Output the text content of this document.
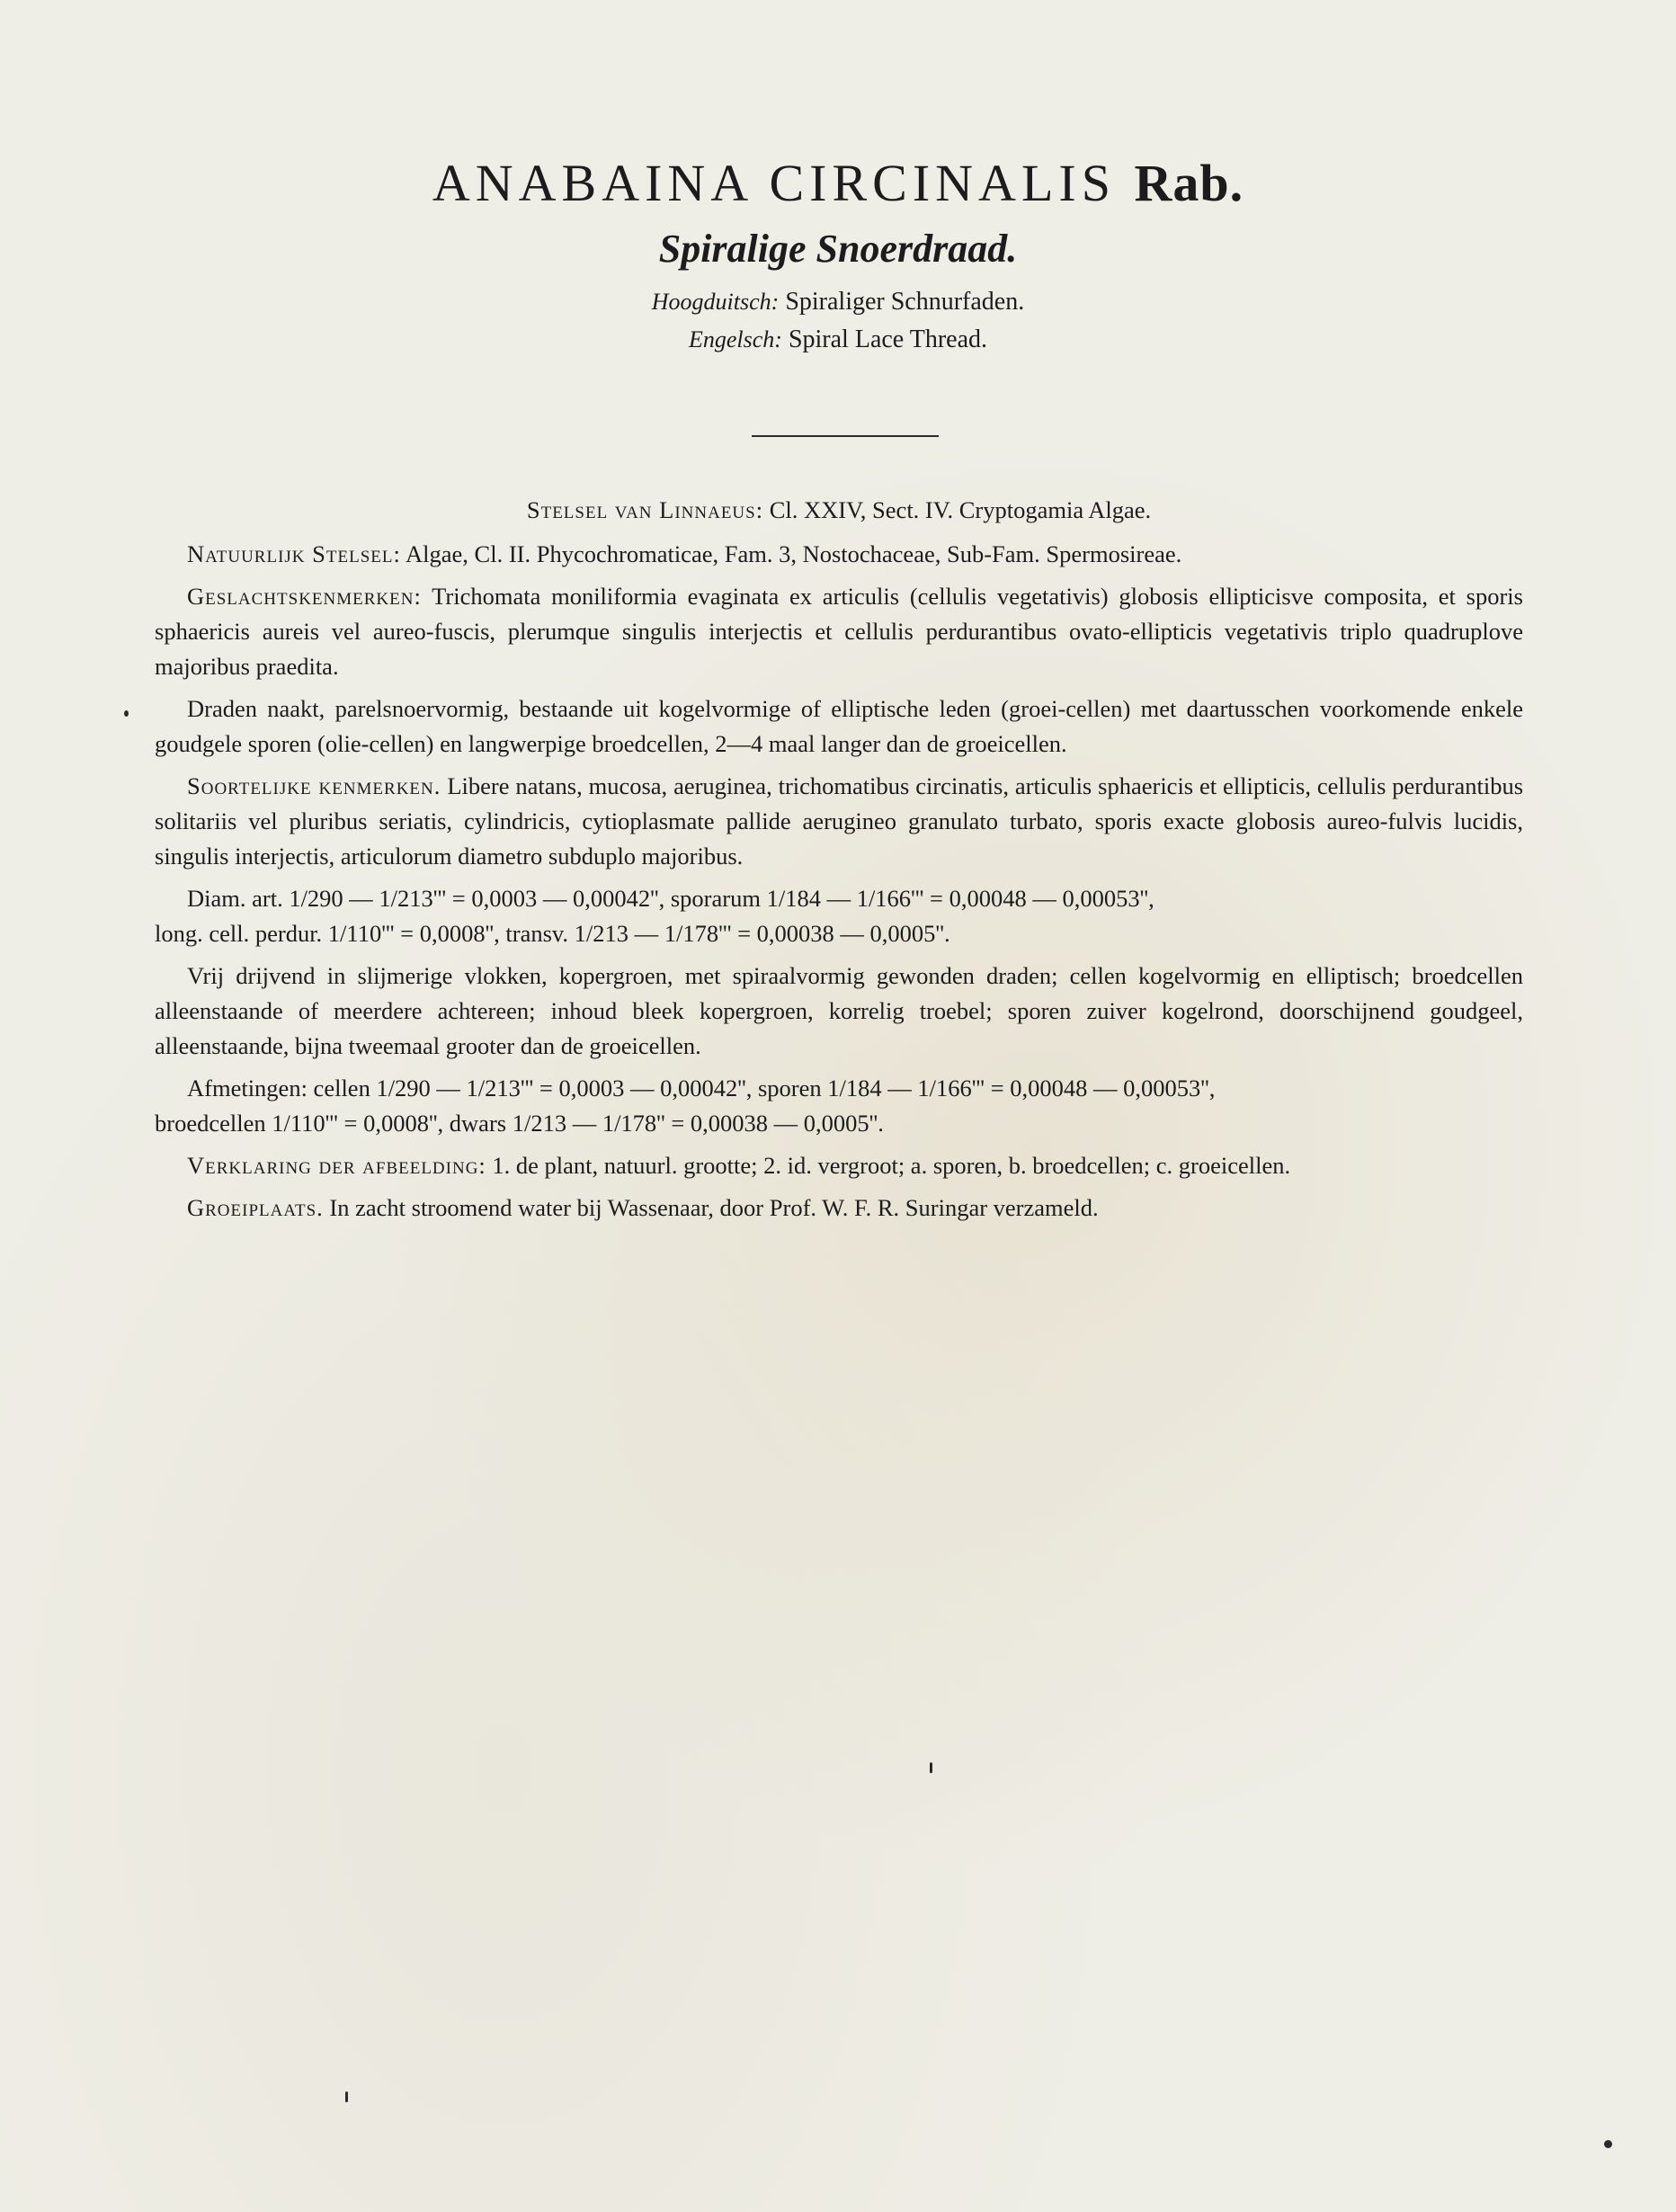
ANABAINA CIRCINALIS Rab.
Spiralige Snoerdraad.
Hoogduitsch: Spiraliger Schnurfaden.
Engelsch: Spiral Lace Thread.

Stelsel van Linnaeus: Cl. XXIV, Sect. IV. Cryptogamia Algae.

Natuurlijk Stelsel: Algae, Cl. II. Phycochromaticae, Fam. 3, Nostochaceae, Sub-Fam. Spermosireae.

Geslachtskenmerken: Trichomata moniliformia evaginata ex articulis (cellulis vegetativis) globosis ellipticisve composita, et sporis sphaericis aureis vel aureo-fuscis, plerumque singulis interjectis et cellulis perdurantibus ovato-ellipticis vegetativis triplo quadruplove majoribus praedita.

Draden naakt, parelsnoervormig, bestaande uit kogelvormige of elliptische leden (groei-cellen) met daartusschen voorkomende enkele goudgele sporen (olie-cellen) en langwerpige broedcellen, 2—4 maal langer dan de groeicellen.

Soortelijke kenmerken. Libere natans, mucosa, aeruginea, trichomatibus circinatis, articulis sphaericis et ellipticis, cellulis perdurantibus solitariis vel pluribus seriatis, cylindricis, cytioplasmate pallide aerugineo granulato turbato, sporis exacte globosis aureo-fulvis lucidis, singulis interjectis, articulorum diametro subduplo majoribus.

Diam. art. 1/290 — 1/213''' = 0,0003 — 0,00042'', sporarum 1/184 — 1/166''' = 0,00048 — 0,00053'',

long. cell. perdur. 1/110''' = 0,0008'', transv. 1/213 — 1/178''' = 0,00038 — 0,0005''.

Vrij drijvend in slijmerige vlokken, kopergroen, met spiraalvormig gewonden draden; cellen kogelvormig en elliptisch; broedcellen alleenstaande of meerdere achtereen; inhoud bleek kopergroen, korrelig troebel; sporen zuiver kogelrond, doorschijnend goudgeel, alleenstaande, bijna tweemaal grooter dan de groeicellen.

Afmetingen: cellen 1/290 — 1/213''' = 0,0003 — 0,00042'', sporen 1/184 — 1/166''' = 0,00048 — 0,00053'',

broedcellen 1/110''' = 0,0008'', dwars 1/213 — 1/178'' = 0,00038 — 0,0005''.

Verklaring der afbeelding: 1. de plant, natuurl. grootte; 2. id. vergroot; a. sporen, b. broedcellen; c. groeicellen.

Groeiplaats. In zacht stroomend water bij Wassenaar, door Prof. W. F. R. Suringar verzameld.
